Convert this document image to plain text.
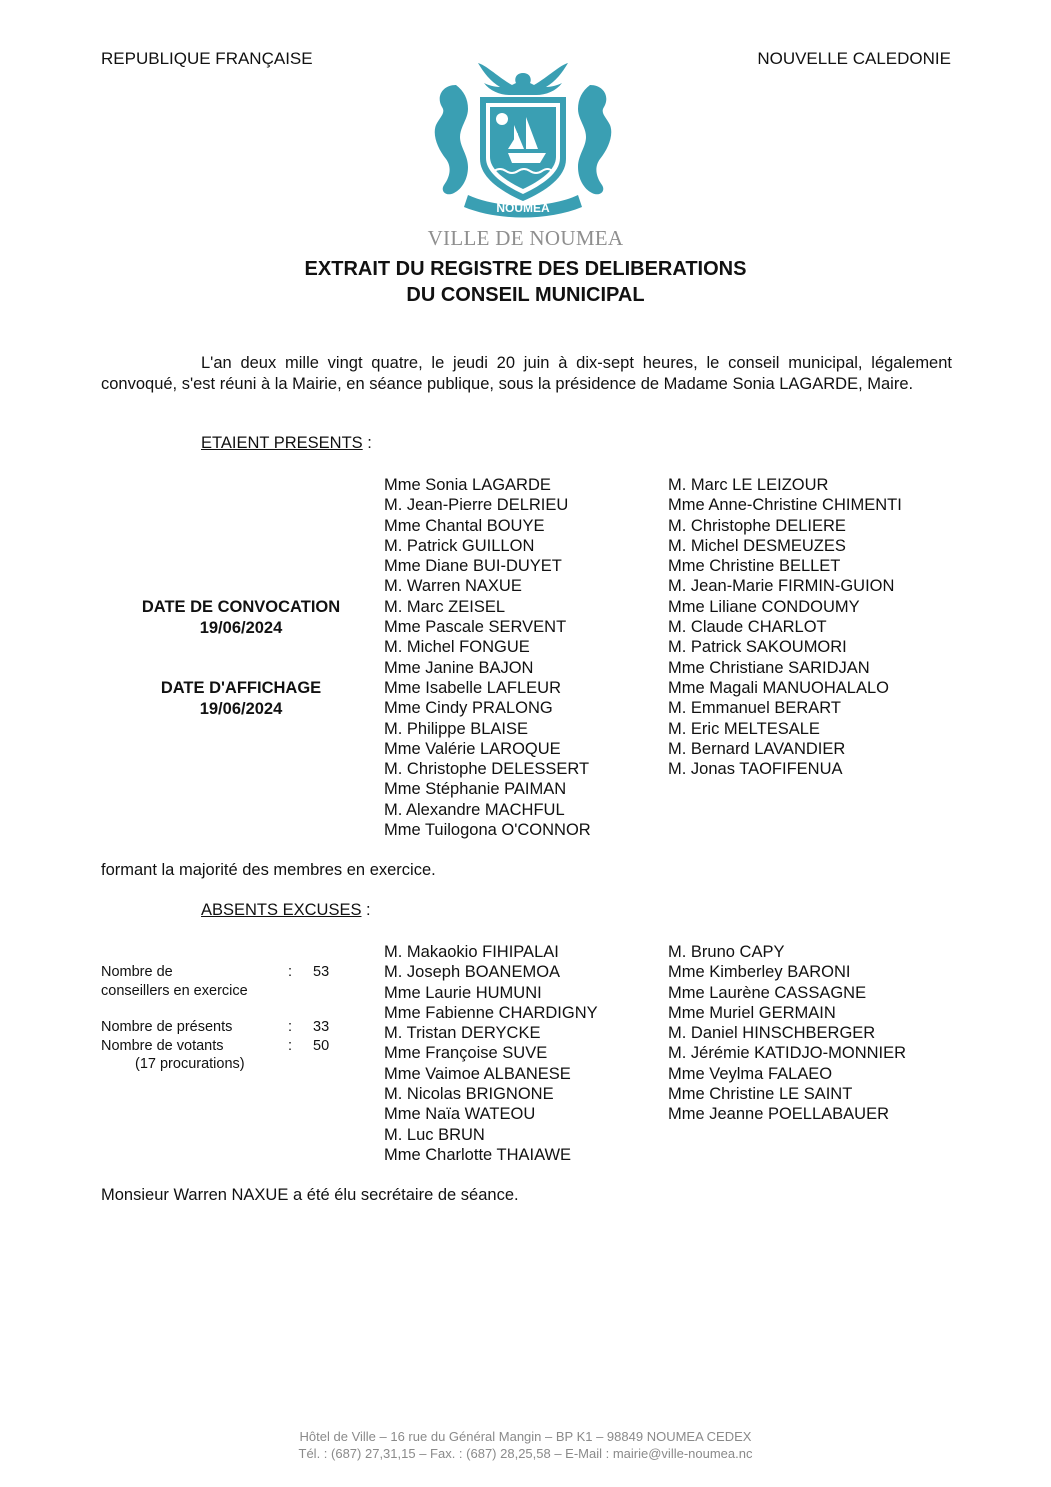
REPUBLIQUE FRANÇAISE	NOUVELLE CALEDONIE
NOUMEA
VILLE DE NOUMEA
EXTRAIT DU REGISTRE DES DELIBERATIONS
DU CONSEIL MUNICIPAL
L'an deux mille vingt quatre, le jeudi 20 juin à dix-sept heures, le conseil municipal, légalement convoqué, s'est réuni à la Mairie, en séance publique, sous la présidence de Madame Sonia LAGARDE, Maire.
ETAIENT PRESENTS :
Mme Sonia LAGARDE
M. Jean-Pierre DELRIEU
Mme Chantal BOUYE
M. Patrick GUILLON
Mme Diane BUI-DUYET
M. Warren NAXUE
M. Marc ZEISEL
Mme Pascale SERVENT
M. Michel FONGUE
Mme Janine BAJON
Mme Isabelle LAFLEUR
Mme Cindy PRALONG
M. Philippe BLAISE
Mme Valérie LAROQUE
M. Christophe DELESSERT
Mme Stéphanie PAIMAN
M. Alexandre MACHFUL
Mme Tuilogona O'CONNOR
M. Marc LE LEIZOUR
Mme Anne-Christine CHIMENTI
M. Christophe DELIERE
M. Michel DESMEUZES
Mme Christine BELLET
M. Jean-Marie FIRMIN-GUION
Mme Liliane CONDOUMY
M. Claude CHARLOT
M. Patrick SAKOUMORI
Mme Christiane SARIDJAN
Mme Magali MANUOHALALO
M. Emmanuel BERART
M. Eric MELTESALE
M. Bernard LAVANDIER
M. Jonas TAOFIFENUA
DATE DE CONVOCATION
19/06/2024
DATE D'AFFICHAGE
19/06/2024
formant la majorité des membres en exercice.
ABSENTS EXCUSES :
M. Makaokio FIHIPALAI
M. Joseph BOANEMOA
Mme Laurie HUMUNI
Mme Fabienne CHARDIGNY
M. Tristan DERYCKE
Mme Françoise SUVE
Mme Vaimoe ALBANESE
M. Nicolas BRIGNONE
Mme Naïa WATEOU
M. Luc BRUN
Mme Charlotte THAIAWE
M. Bruno CAPY
Mme Kimberley BARONI
Mme Laurène CASSAGNE
Mme Muriel GERMAIN
M. Daniel HINSCHBERGER
M. Jérémie KATIDJO-MONNIER
Mme Veylma FALAEO
Mme Christine LE SAINT
Mme Jeanne POELLABAUER
Nombre de	: 53
conseillers en exercice
Nombre de présents	: 33
Nombre de votants	: 50
(17 procurations)
Monsieur Warren NAXUE a été élu secrétaire de séance.
Hôtel de Ville – 16 rue du Général Mangin – BP K1 – 98849 NOUMEA CEDEX
Tél. : (687) 27,31,15 – Fax. : (687) 28,25,58 – E-Mail : mairie@ville-noumea.nc
